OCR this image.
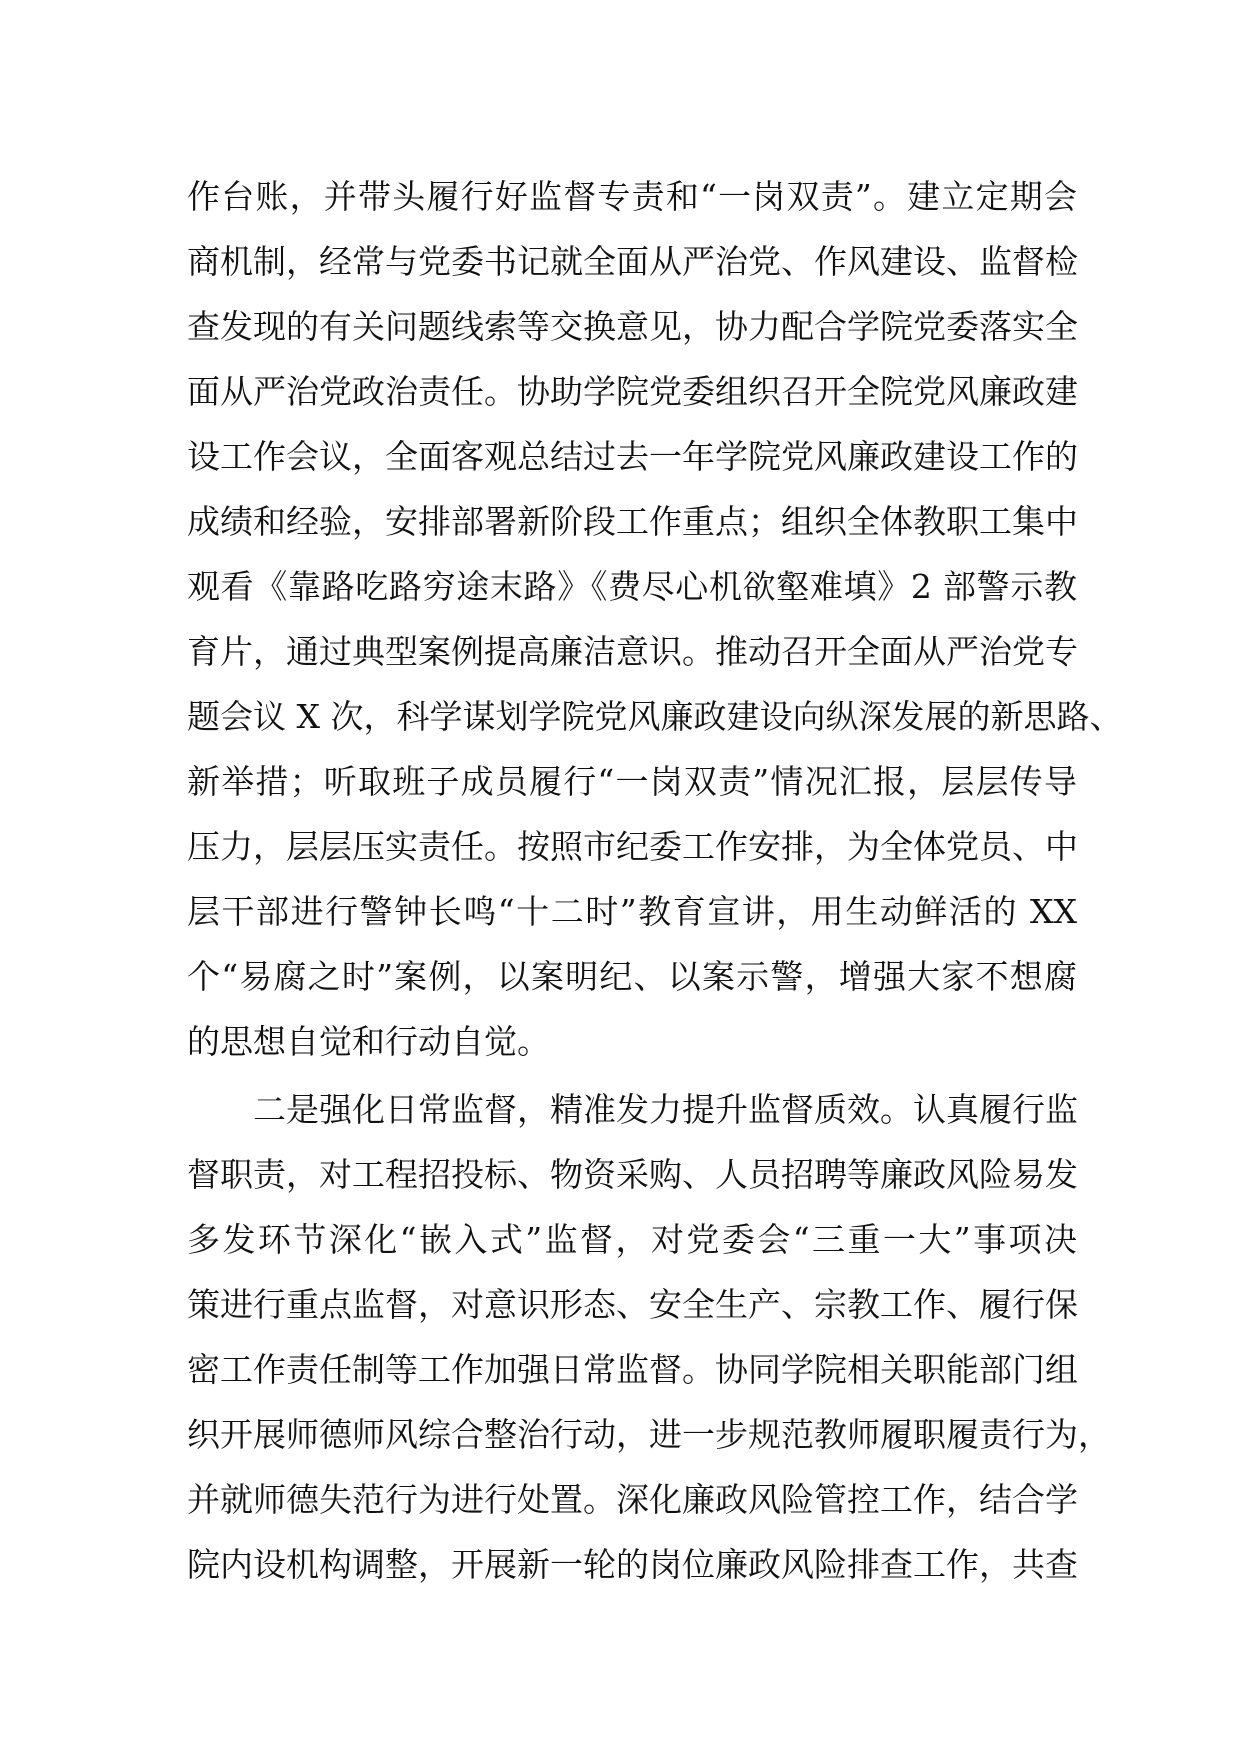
作台账，并带头履行好监督专责和“一岗双责”。建立定期会
商机制，经常与党委书记就全面从严治党、作风建设、监督检
查发现的有关问题线索等交换意见，协力配合学院党委落实全
面从严治党政治责任。协助学院党委组织召开全院党风廉政建
设工作会议，全面客观总结过去一年学院党风廉政建设工作的
成绩和经验，安排部署新阶段工作重点；组织全体教职工集中
观看《靠路吃路穷途末路》《费尽心机欲壑难填》2 部警示教
育片，通过典型案例提高廉洁意识。推动召开全面从严治党专
题会议 X 次，科学谋划学院党风廉政建设向纵深发展的新思路、
新举措；听取班子成员履行“一岗双责”情况汇报，层层传导
压力，层层压实责任。按照市纪委工作安排，为全体党员、中
层干部进行警钟长鸣“十二时”教育宣讲，用生动鲜活的 XX
个“易腐之时”案例，以案明纪、以案示警，增强大家不想腐
的思想自觉和行动自觉。
二是强化日常监督，精准发力提升监督质效。认真履行监
督职责，对工程招投标、物资采购、人员招聘等廉政风险易发
多发环节深化“嵌入式”监督，对党委会“三重一大”事项决
策进行重点监督，对意识形态、安全生产、宗教工作、履行保
密工作责任制等工作加强日常监督。协同学院相关职能部门组
织开展师德师风综合整治行动，进一步规范教师履职履责行为，
并就师德失范行为进行处置。深化廉政风险管控工作，结合学
院内设机构调整，开展新一轮的岗位廉政风险排查工作，共查
